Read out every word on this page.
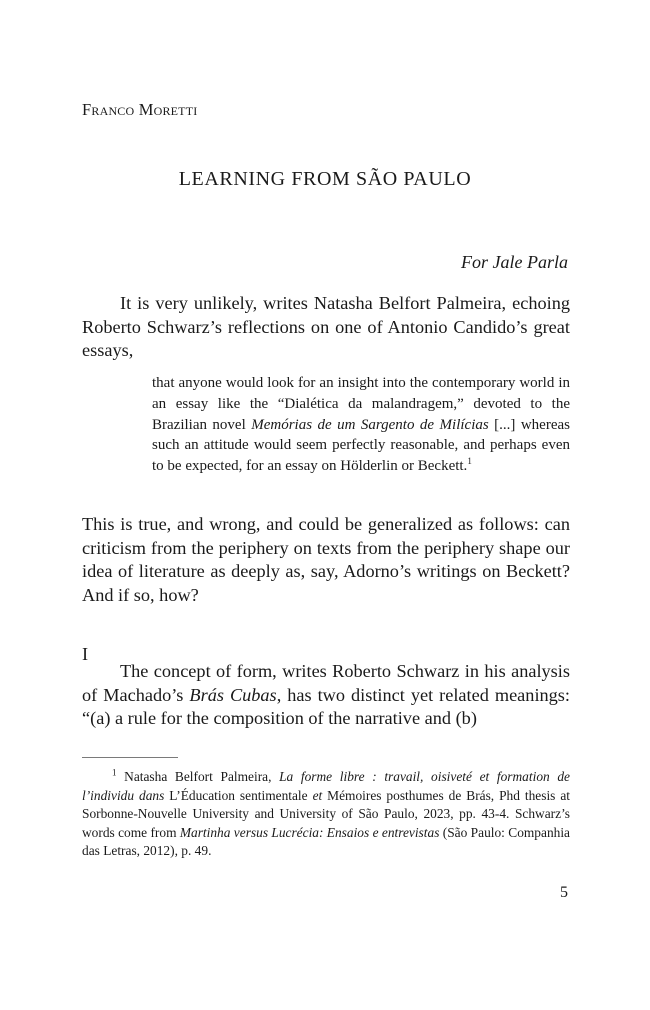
Franco Moretti
LEARNING FROM SÃO PAULO
For Jale Parla

It is very unlikely, writes Natasha Belfort Palmeira, echoing Roberto Schwarz’s reflections on one of Antonio Candido’s great essays,

that anyone would look for an insight into the contemporary world in an essay like the “Dialética da malandragem,” devoted to the Brazilian novel Memórias de um Sargento de Milícias [...] whereas such an attitude would seem perfectly reasonable, and perhaps even to be expected, for an essay on Hölderlin or Beckett.$^1$

This is true, and wrong, and could be generalized as follows: can criticism from the periphery on texts from the periphery shape our idea of literature as deeply as, say, Adorno’s writings on Beckett? And if so, how?

I

The concept of form, writes Roberto Schwarz in his analysis of Machado’s Brás Cubas, has two distinct yet related meanings: “(a) a rule for the composition of the narrative and (b)

$^1$ Natasha Belfort Palmeira, La forme libre : travail, oisiveté et formation de l’individu dans L’Éducation sentimentale et Mémoires posthumes de Brás, Phd thesis at Sorbonne-Nouvelle University and University of São Paulo, 2023, pp. 43-4. Schwarz’s words come from Martinha versus Lucrécia: Ensaios e entrevistas (São Paulo: Companhia das Letras, 2012), p. 49.

5
